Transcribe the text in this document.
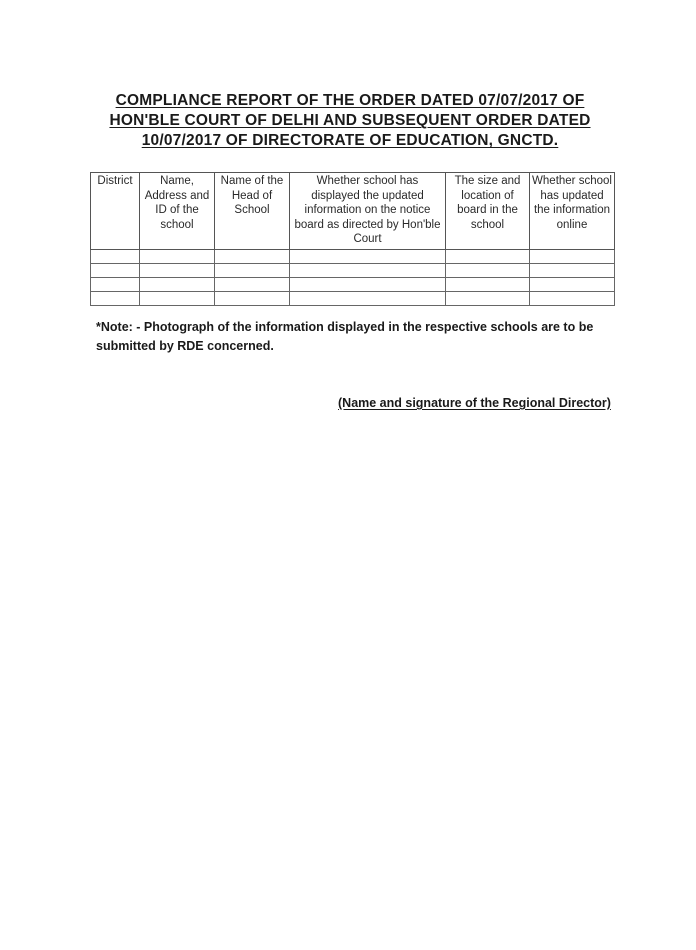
COMPLIANCE REPORT OF THE ORDER DATED 07/07/2017 OF
HON'BLE COURT OF DELHI AND SUBSEQUENT ORDER DATED
10/07/2017 OF DIRECTORATE OF EDUCATION, GNCTD.
District	Name, Address and ID of the school	Name of the Head of School	Whether school has displayed the updated information on the notice board as directed by Hon'ble Court	The size and location of board in the school	Whether school has updated the information online

*Note: - Photograph of the information displayed in the respective schools are to be submitted by RDE concerned.
(Name and signature of the Regional Director)
